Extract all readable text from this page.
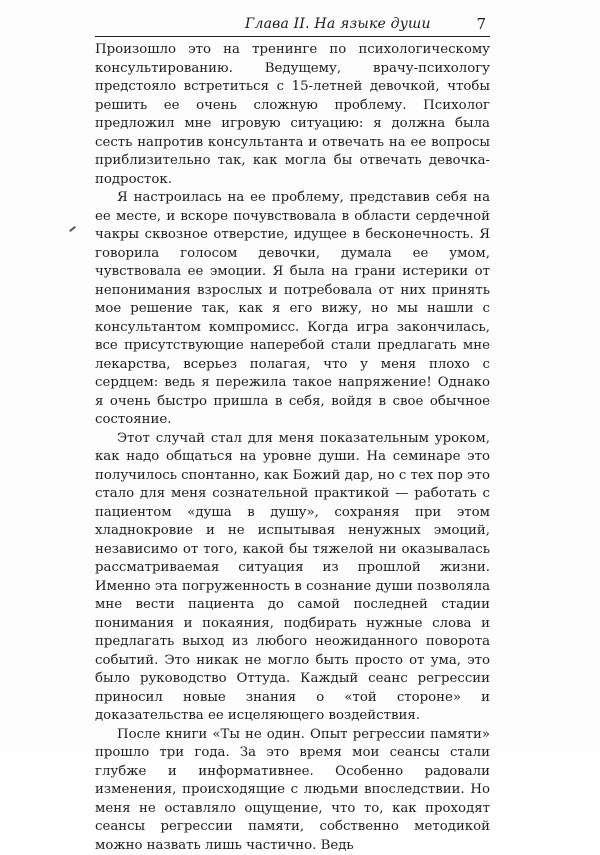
Глава II. На языке души	7

Произошло это на тренинге по психологическому консультированию. Ведущему, врачу-психологу предстояло встретиться с 15-летней девочкой, чтобы решить ее очень сложную проблему. Психолог предложил мне игровую ситуацию: я должна была сесть напротив консультанта и отвечать на ее вопросы приблизительно так, как могла бы отвечать девочка-подросток.

Я настроилась на ее проблему, представив себя на ее месте, и вскоре почувствовала в области сердечной чакры сквозное отверстие, идущее в бесконечность. Я говорила голосом девочки, думала ее умом, чувствовала ее эмоции. Я была на грани истерики от непонимания взрослых и потребовала от них принять мое решение так, как я его вижу, но мы нашли с консультантом компромисс. Когда игра закончилась, все присутствующие наперебой стали предлагать мне лекарства, всерьез полагая, что у меня плохо с сердцем: ведь я пережила такое напряжение! Однако я очень быстро пришла в себя, войдя в свое обычное состояние.

Этот случай стал для меня показательным уроком, как надо общаться на уровне души. На семинаре это получилось спонтанно, как Божий дар, но с тех пор это стало для меня сознательной практикой — работать с пациентом «душа в душу», сохраняя при этом хладнокровие и не испытывая ненужных эмоций, независимо от того, какой бы тяжелой ни оказывалась рассматриваемая ситуация из прошлой жизни. Именно эта погруженность в сознание души позволяла мне вести пациента до самой последней стадии понимания и покаяния, подбирать нужные слова и предлагать выход из любого неожиданного поворота событий. Это никак не могло быть просто от ума, это было руководство Оттуда. Каждый сеанс регрессии приносил новые знания о «той стороне» и доказательства ее исцеляющего воздействия.

После книги «Ты не один. Опыт регрессии памяти» прошло три года. За это время мои сеансы стали глубже и информативнее. Особенно радовали изменения, происходящие с людьми впоследствии. Но меня не оставляло ощущение, что то, как проходят сеансы регрессии памяти, собственно методикой можно назвать лишь частично. Ведь
